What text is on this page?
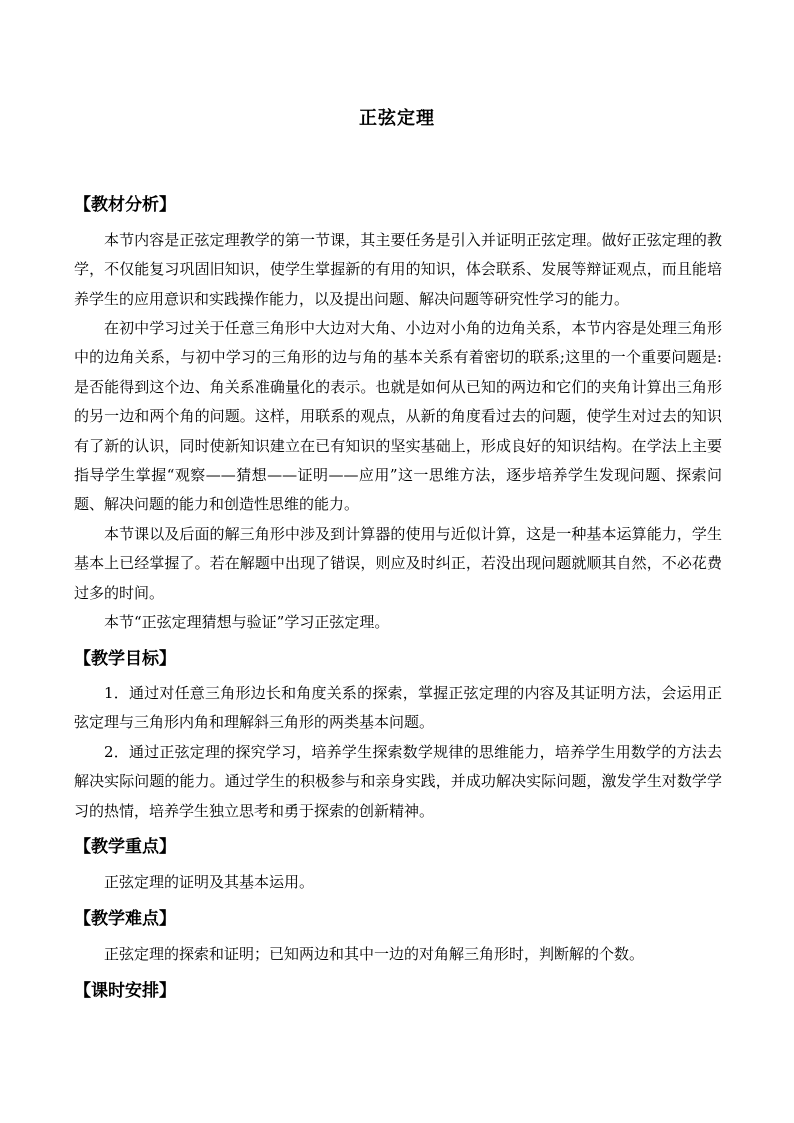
正弦定理
【教材分析】
本节内容是正弦定理教学的第一节课，其主要任务是引入并证明正弦定理。做好正弦定理的教学，不仅能复习巩固旧知识，使学生掌握新的有用的知识，体会联系、发展等辩证观点，而且能培养学生的应用意识和实践操作能力，以及提出问题、解决问题等研究性学习的能力。
在初中学习过关于任意三角形中大边对大角、小边对小角的边角关系，本节内容是处理三角形中的边角关系，与初中学习的三角形的边与角的基本关系有着密切的联系;这里的一个重要问题是: 是否能得到这个边、角关系准确量化的表示。也就是如何从已知的两边和它们的夹角计算出三角形的另一边和两个角的问题。这样，用联系的观点，从新的角度看过去的问题，使学生对过去的知识有了新的认识，同时使新知识建立在已有知识的坚实基础上，形成良好的知识结构。在学法上主要指导学生掌握“观察——猜想——证明——应用”这一思维方法，逐步培养学生发现问题、探索问题、解决问题的能力和创造性思维的能力。
本节课以及后面的解三角形中涉及到计算器的使用与近似计算，这是一种基本运算能力，学生基本上已经掌握了。若在解题中出现了错误，则应及时纠正，若没出现问题就顺其自然，不必花费过多的时间。
本节“正弦定理猜想与验证”学习正弦定理。
【教学目标】
1．通过对任意三角形边长和角度关系的探索，掌握正弦定理的内容及其证明方法，会运用正弦定理与三角形内角和理解斜三角形的两类基本问题。
2．通过正弦定理的探究学习，培养学生探索数学规律的思维能力，培养学生用数学的方法去解决实际问题的能力。通过学生的积极参与和亲身实践，并成功解决实际问题，激发学生对数学学习的热情，培养学生独立思考和勇于探索的创新精神。
【教学重点】
正弦定理的证明及其基本运用。
【教学难点】
正弦定理的探索和证明；已知两边和其中一边的对角解三角形时，判断解的个数。
【课时安排】
